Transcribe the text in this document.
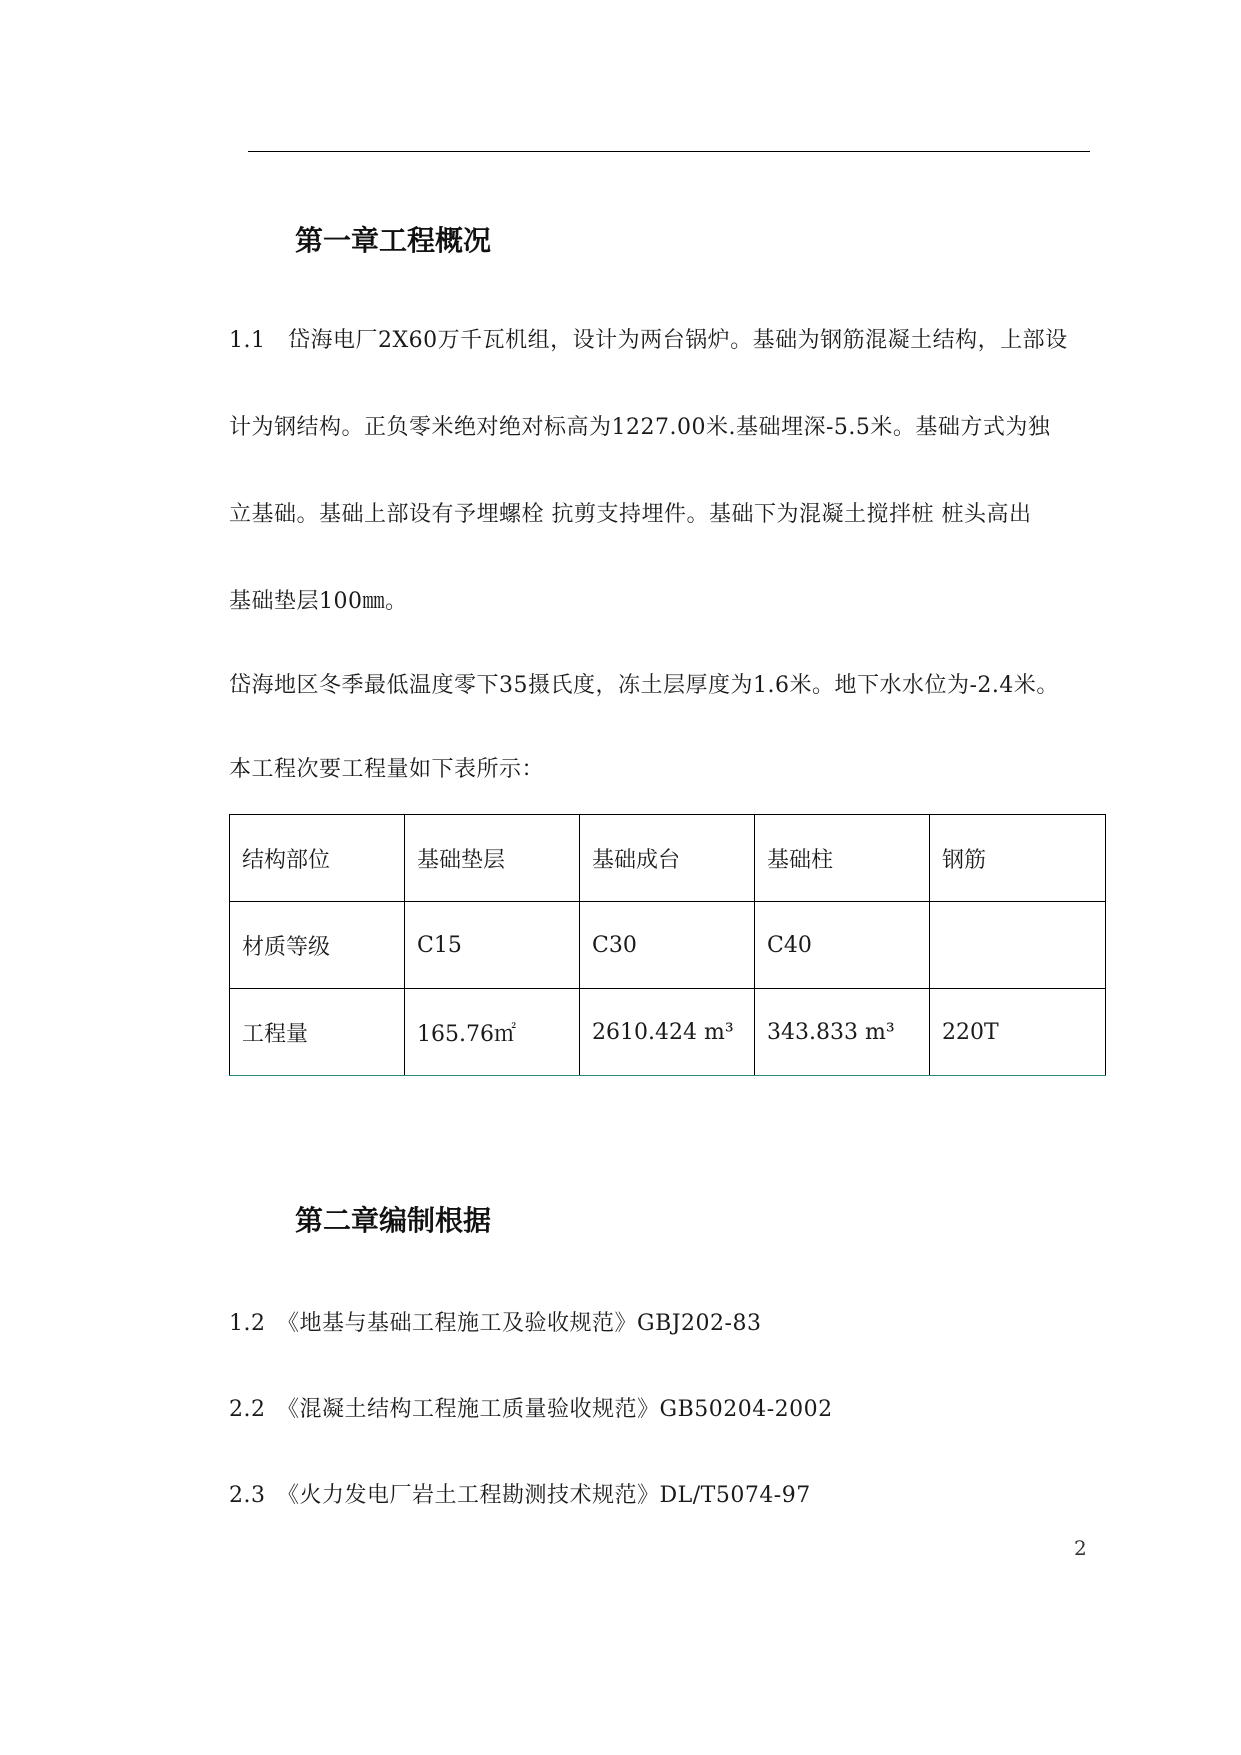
第一章工程概况
1.1　岱海电厂2X60万千瓦机组，设计为两台锅炉。基础为钢筋混凝土结构，上部设
计为钢结构。正负零米绝对绝对标高为1227.00米.基础埋深-5.5米。基础方式为独
立基础。基础上部设有予埋螺栓 抗剪支持埋件。基础下为混凝土搅拌桩 桩头高出
基础垫层100㎜。
岱海地区冬季最低温度零下35摄氏度，冻土层厚度为1.6米。地下水水位为-2.4米。
本工程次要工程量如下表所示：
结构部位	基础垫层	基础成台	基础柱	钢筋
材质等级	C15	C30	C40	
工程量	165.76㎡	2610.424 m³	343.833 m³	220T
第二章编制根据
1.2　《地基与基础工程施工及验收规范》GBJ202-83
2.2　《混凝土结构工程施工质量验收规范》GB50204-2002
2.3　《火力发电厂岩土工程勘测技术规范》DL/T5074-97
2
